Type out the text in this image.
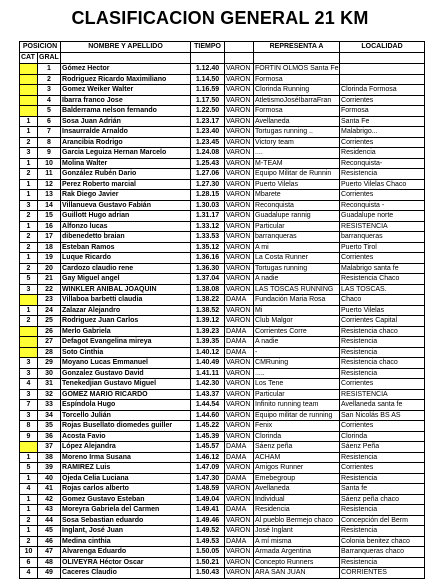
CLASIFICACION GENERAL 21 KM
POSICION		NOMBRE Y APELLIDO	TIEMPO		REPRESENTA A	LOCALIDAD
CAT	GRAL					
	1	Gómez Hector	1.12.40	VARON	FORTIN OLMOS Santa Fe	
	2	Rodriguez Ricardo Maximiliano	1.14.50	VARON	Formosa	
	3	Gomez Weiker Walter	1.16.59	VARON	Clorinda Running	Clorinda Formosa
	4	Ibarra franco Jose	1.17.50	VARON	AtletismoJoséIbarraFran	Corrientes
	5	Balderrama nelson fernando	1.22.50	VARON	Formosa	Formosa
1	6	Sosa Juan Adrián	1.23.17	VARON	Avellaneda	Santa Fe
1	7	Insaurralde Arnaldo	1.23.40	VARON	Tortugas running ..	Malabrigo...
2	8	Arancibia Rodrigo	1.23.45	VARON	Victory team	Corrientes
3	9	Garcia Leguiza Hernan Marcelo	1.24.08	VARON	....	Residencia
1	10	Molina Walter	1.25.43	VARON	M-TEAM	Reconquista-
2	11	González Rubén Dario	1.27.06	VARON	Equipo Militar de Runnin	Resistencia
1	12	Perez Roberto marcial	1.27.30	VARON	Puerto Vilelas	Puerto Vilelas Chaco
1	13	Rak Diego Javier	1.28.15	VARON	Mbarete	Corrientes
3	14	Villanueva Gustavo Fabián	1.30.03	VARON	Reconquista	Reconquista -
2	15	Guillott Hugo adrian	1.31.17	VARON	Guadalupe rannig	Guadalupe norte
1	16	Alfonzo lucas	1.33.12	VARON	Particular	RESISTENCIA
2	17	dibenedetto braian	1.33.53	VARON	barranqueras	barranqueras
2	18	Esteban Ramos	1.35.12	VARON	A mi	Puerto Tirol
1	19	Luque Ricardo	1.36.16	VARON	La Costa Runner	Corrientes
2	20	Cardozo claudio rene	1.36.30	VARON	Tortugas running	Malabrigo santa fe
5	21	Gay Miguel angel	1.37.04	VARON	A nadie	Resistencia Chaco
3	22	WINKLER ANIBAL JOAQUIN	1.38.08	VARON	LAS TOSCAS RUNNING	LAS TOSCAS.
	23	Villaboa barbetti claudia	1.38.22	DAMA	Fundación Maria Rosa	Chaco
1	24	Zalazar Alejandro	1.38.52	VARON	Mi	Puerto Vilelas
2	25	Rodriguez Juan Carlos	1.39.12	VARON	Club Malgor	Corrientes Capital
	26	Merlo Gabriela	1.39.23	DAMA	Corrientes Corre	Resistencia chaco
	27	Defagot Evangelina mireya	1.39.35	DAMA	A nadie	Resistencia
	28	Soto Cinthia	1.40.12	DAMA	-	Resistencia
3	29	Moyano Lucas Emmanuel	1.40.49	VARON	CMRuning	Resistencia chaco
3	30	Gonzalez Gustavo David	1.41.11	VARON	.....	Resistencia
4	31	Tenekedjian Gustavo Miguel	1.42.30	VARON	Los Tene	Corrientes
3	32	GOMEZ MARIO RICARDO	1.43.37	VARON	Particular	RESISTENCIA
7	33	Espíndola Hugo	1.44.54	VARON	Infinito running team	Avellaneda santa fe
3	34	Torcello Julián	1.44.60	VARON	Equipo militar de running	San Nicolás BS AS
8	35	Rojas Busellato diomedes guiller	1.45.22	VARON	Fenix	Corrientes
9	36	Acosta Favio	1.45.39	VARON	Clorinda	Clorinda
	37	López Alejandra	1.45.57	DAMA	Sáenz peña	Sáenz Peña
1	38	Moreno Irma Susana	1.46.12	DAMA	ACHAM	Resistencia
5	39	RAMIREZ Luis	1.47.09	VARON	Amigos Runner	Corrientes
1	40	Ojeda Celia Luciana	1.47.30	DAMA	Emebegroup	Resistencia
4	41	Rojas carlos alberto	1.48.59	VARON	Avellaneda	Santa fe
1	42	Gomez Gustavo Esteban	1.49.04	VARON	Individual	Sáenz peña chaco
1	43	Moreyra Gabriela del Carmen	1.49.41	DAMA	Residencia	Resistencia
2	44	Sosa Sebastian eduardo	1.49.46	VARON	Al pueblo Bermejo chaco	Concepción del Berm
1	45	Inglant, José Juan	1.49.52	VARON	José Inglant	Resistencia
2	46	Medina cinthia	1.49.53	DAMA	A mí misma	Colonia benitez chaco
10	47	Alvarenga Eduardo	1.50.05	VARON	Armada Argentina	Barranqueras chaco
6	48	OLIVEYRA Héctor Oscar	1.50.21	VARON	Concepto Runners	Resistencia
4	49	Caceres Claudio	1.50.43	VARON	ARA SAN JUAN	CORRIENTES
